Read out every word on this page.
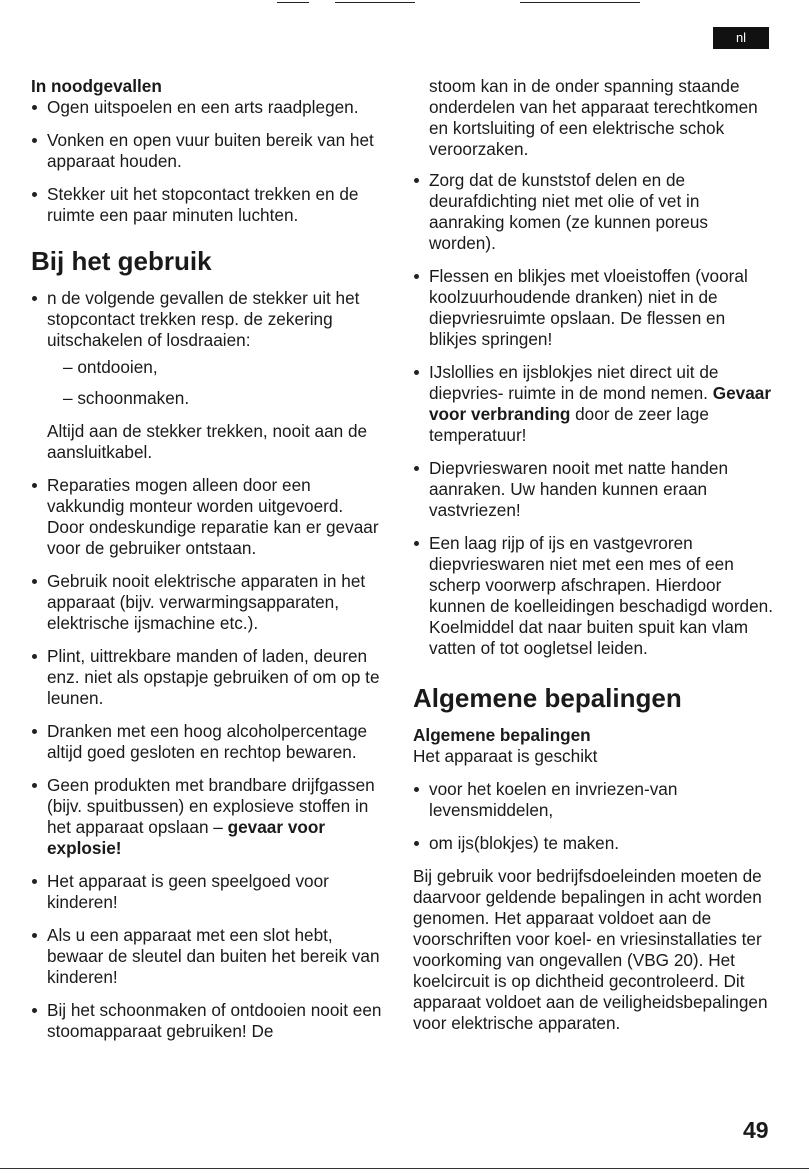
nl

In noodgevallen

Ogen uitspoelen en een arts raadplegen.
Vonken en open vuur buiten bereik van het apparaat houden.
Stekker uit het stopcontact trekken en de ruimte een paar minuten luchten.

Bij het gebruik

n de volgende gevallen de stekker uit het stopcontact trekken resp. de zekering uitschakelen of losdraaien:

– ontdooien,

– schoonmaken.

Altijd aan de stekker trekken, nooit aan de aansluitkabel.

Reparaties mogen alleen door een vakkundig monteur worden uitgevoerd. Door ondeskundige reparatie kan er gevaar voor de gebruiker ontstaan.
Gebruik nooit elektrische apparaten in het apparaat (bijv. verwarmingsapparaten, elektrische ijsmachine etc.).
Plint, uittrekbare manden of laden, deuren enz. niet als opstapje gebruiken of om op te leunen.
Dranken met een hoog alcoholpercentage altijd goed gesloten en rechtop bewaren.
Geen produkten met brandbare drijfgassen (bijv. spuitbussen) en explosieve stoffen in het apparaat opslaan – gevaar voor explosie!
Het apparaat is geen speelgoed voor kinderen!
Als u een apparaat met een slot hebt, bewaar de sleutel dan buiten het bereik van kinderen!
Bij het schoonmaken of ontdooien nooit een stoomapparaat gebruiken! De

stoom kan in de onder spanning staande onderdelen van het apparaat terechtkomen en kortsluiting of een elektrische schok veroorzaken.

Zorg dat de kunststof delen en de deurafdichting niet met olie of vet in aanraking komen (ze kunnen poreus worden).
Flessen en blikjes met vloeistoffen (vooral koolzuurhoudende dranken) niet in de diepvriesruimte opslaan. De flessen en blikjes springen!
IJslollies en ijsblokjes niet direct uit de diepvries- ruimte in de mond nemen. Gevaar voor verbranding door de zeer lage temperatuur!
Diepvrieswaren nooit met natte handen aanraken. Uw handen kunnen eraan vastvriezen!
Een laag rijp of ijs en vastgevroren diepvrieswaren niet met een mes of een scherp voorwerp afschrapen. Hierdoor kunnen de koelleidingen beschadigd worden. Koelmiddel dat naar buiten spuit kan vlam vatten of tot oogletsel leiden.

Algemene bepalingen

Algemene bepalingen

Het apparaat is geschikt

voor het koelen en invriezen-van levensmiddelen,
om ijs(blokjes) te maken.

Bij gebruik voor bedrijfsdoeleinden moeten de daarvoor geldende bepalingen in acht worden genomen. Het apparaat voldoet aan de voorschriften voor koel- en vriesinstallaties ter voorkoming van ongevallen (VBG 20). Het koelcircuit is op dichtheid gecontroleerd. Dit apparaat voldoet aan de veiligheidsbepalingen voor elektrische apparaten.

49
